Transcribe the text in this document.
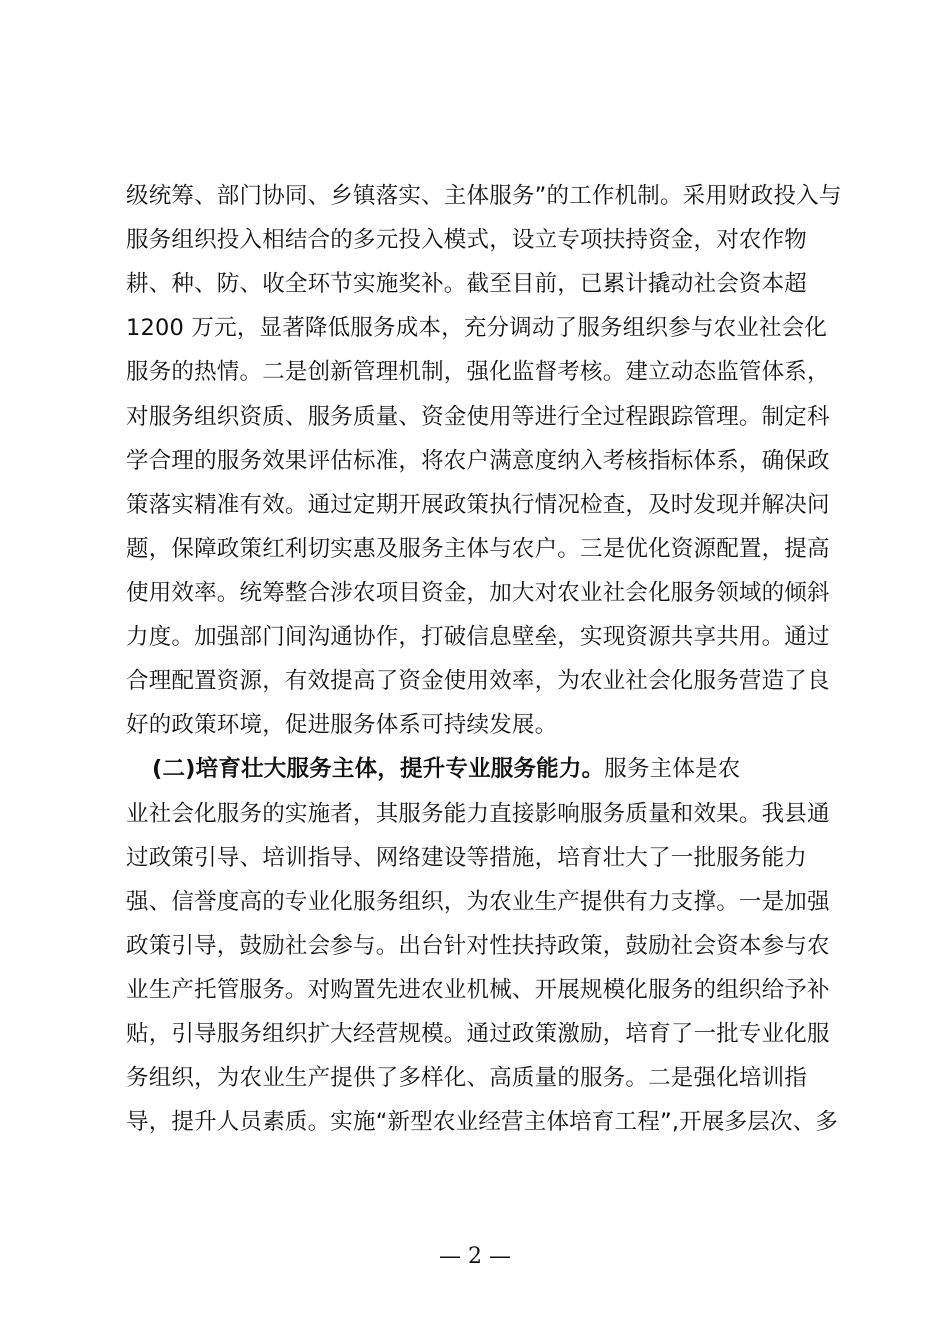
级统筹、部门协同、乡镇落实、主体服务”的工作机制。采用财政投入与
服务组织投入相结合的多元投入模式，设立专项扶持资金，对农作物
耕、种、防、收全环节实施奖补。截至目前，已累计撬动社会资本超
1200 万元，显著降低服务成本，充分调动了服务组织参与农业社会化
服务的热情。二是创新管理机制，强化监督考核。建立动态监管体系，
对服务组织资质、服务质量、资金使用等进行全过程跟踪管理。制定科
学合理的服务效果评估标准，将农户满意度纳入考核指标体系，确保政
策落实精准有效。通过定期开展政策执行情况检查，及时发现并解决问
题，保障政策红利切实惠及服务主体与农户。三是优化资源配置，提高
使用效率。统筹整合涉农项目资金，加大对农业社会化服务领域的倾斜
力度。加强部门间沟通协作，打破信息壁垒，实现资源共享共用。通过
合理配置资源，有效提高了资金使用效率，为农业社会化服务营造了良
好的政策环境，促进服务体系可持续发展。
(二)培育壮大服务主体，提升专业服务能力。服务主体是农
业社会化服务的实施者，其服务能力直接影响服务质量和效果。我县通
过政策引导、培训指导、网络建设等措施，培育壮大了一批服务能力
强、信誉度高的专业化服务组织，为农业生产提供有力支撑。一是加强
政策引导，鼓励社会参与。出台针对性扶持政策，鼓励社会资本参与农
业生产托管服务。对购置先进农业机械、开展规模化服务的组织给予补
贴，引导服务组织扩大经营规模。通过政策激励，培育了一批专业化服
务组织，为农业生产提供了多样化、高质量的服务。二是强化培训指
导，提升人员素质。实施“新型农业经营主体培育工程”,开展多层次、多
— 2 —
